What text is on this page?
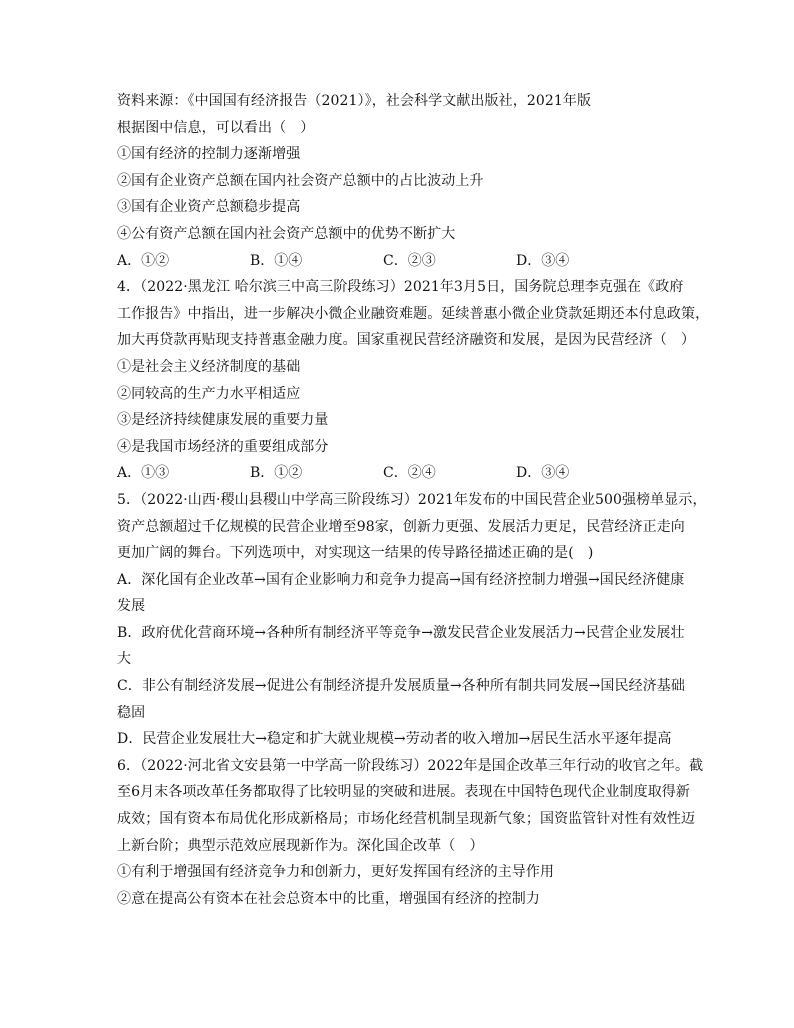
资料来源：《中国国有经济报告（2021）》，社会科学文献出版社，2021年版
根据图中信息，可以看出（　）
①国有经济的控制力逐渐增强
②国有企业资产总额在国内社会资产总额中的占比波动上升
③国有企业资产总额稳步提高
④公有资产总额在国内社会资产总额中的优势不断扩大
A．①②	B．①④	C．②③	D．③④
4．（2022·黑龙江 哈尔滨三中高三阶段练习）2021年3月5日，国务院总理李克强在《政府
工作报告》中指出，进一步解决小微企业融资难题。延续普惠小微企业贷款延期还本付息政策，
加大再贷款再贴现支持普惠金融力度。国家重视民营经济融资和发展，是因为民营经济（　）
①是社会主义经济制度的基础
②同较高的生产力水平相适应
③是经济持续健康发展的重要力量
④是我国市场经济的重要组成部分
A．①③	B．①②	C．②④	D．③④
5．（2022·山西·稷山县稷山中学高三阶段练习）2021年发布的中国民营企业500强榜单显示，
资产总额超过千亿规模的民营企业增至98家，创新力更强、发展活力更足，民营经济正走向
更加广阔的舞台。下列选项中，对实现这一结果的传导路径描述正确的是(　)
A．深化国有企业改革→国有企业影响力和竞争力提高→国有经济控制力增强→国民经济健康
发展
B．政府优化营商环境→各种所有制经济平等竞争→激发民营企业发展活力→民营企业发展壮
大
C．非公有制经济发展→促进公有制经济提升发展质量→各种所有制共同发展→国民经济基础
稳固
D．民营企业发展壮大→稳定和扩大就业规模→劳动者的收入增加→居民生活水平逐年提高
6．（2022·河北省文安县第一中学高一阶段练习）2022年是国企改革三年行动的收官之年。截
至6月末各项改革任务都取得了比较明显的突破和进展。表现在中国特色现代企业制度取得新
成效；国有资本布局优化形成新格局；市场化经营机制呈现新气象；国资监管针对性有效性迈
上新台阶；典型示范效应展现新作为。深化国企改革（　）
①有利于增强国有经济竞争力和创新力，更好发挥国有经济的主导作用
②意在提高公有资本在社会总资本中的比重，增强国有经济的控制力
